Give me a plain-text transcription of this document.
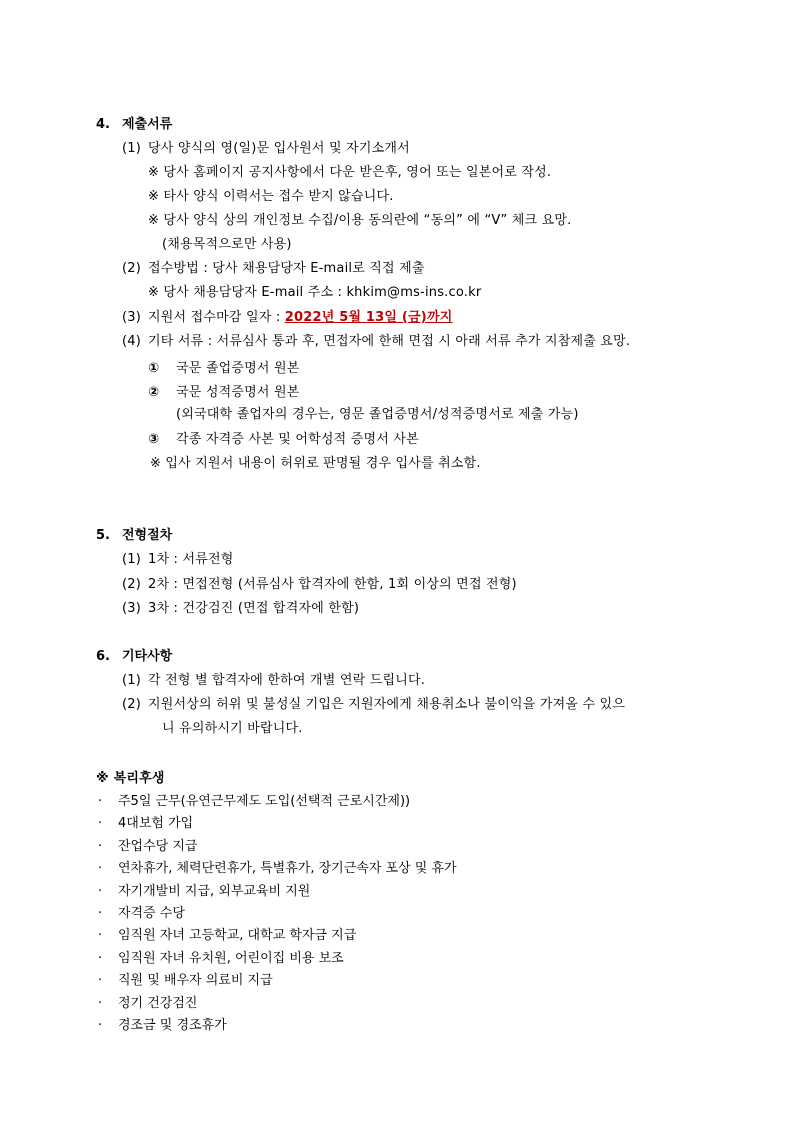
4. 제출서류
(1) 당사 양식의 영(일)문 입사원서 및 자기소개서
※ 당사 홈페이지 공지사항에서 다운 받은후, 영어 또는 일본어로 작성.
※ 타사 양식 이력서는 접수 받지 않습니다.
※ 당사 양식 상의 개인정보 수집/이용 동의란에 “동의” 에 “V” 체크 요망.
(채용목적으로만 사용)
(2) 접수방법 : 당사 채용담당자 E-mail로 직접 제출
※ 당사 채용담당자 E-mail 주소 : khkim@ms-ins.co.kr
(3) 지원서 접수마감 일자 : 2022년 5월 13일 (금)까지
(4) 기타 서류 : 서류심사 통과 후, 면접자에 한해 면접 시 아래 서류 추가 지참제출 요망.
① 국문 졸업증명서 원본
② 국문 성적증명서 원본
(외국대학 졸업자의 경우는, 영문 졸업증명서/성적증명서로 제출 가능)
③ 각종 자격증 사본 및 어학성적 증명서 사본
※ 입사 지원서 내용이 허위로 판명될 경우 입사를 취소함.
5. 전형절차
(1) 1차 : 서류전형
(2) 2차 : 면접전형 (서류심사 합격자에 한함, 1회 이상의 면접 전형)
(3) 3차 : 건강검진 (면접 합격자에 한함)
6. 기타사항
(1) 각 전형 별 합격자에 한하여 개별 연락 드립니다.
(2) 지원서상의 허위 및 불성실 기입은 지원자에게 채용취소나 불이익을 가져올 수 있으
니 유의하시기 바랍니다.
※ 복리후생
· 주5일 근무(유연근무제도 도입(선택적 근로시간제))
· 4대보험 가입
· 잔업수당 지급
· 연차휴가, 체력단련휴가, 특별휴가, 장기근속자 포상 및 휴가
· 자기개발비 지급, 외부교육비 지원
· 자격증 수당
· 임직원 자녀 고등학교, 대학교 학자금 지급
· 임직원 자녀 유치원, 어린이집 비용 보조
· 직원 및 배우자 의료비 지급
· 정기 건강검진
· 경조금 및 경조휴가
